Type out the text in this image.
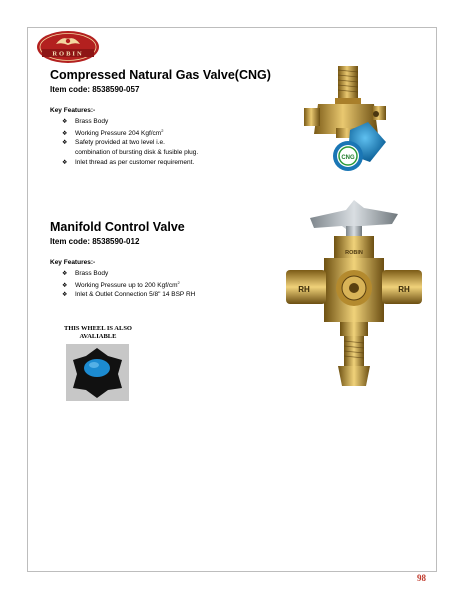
ROBIN
Compressed Natural Gas Valve(CNG)
Item code: 8538590-057
Key Features:-
❖ Brass Body
❖ Working Pressure 204 Kgf/$cm^2$
❖ Safety provided at two level i.e.
combination of bursting disk & fusible plug.
❖ Inlet thread as per customer requirement.
CNG
Manifold Control Valve
Item code: 8538590-012
Key Features:-
❖ Brass Body
❖ Working Pressure up to 200 Kgf/$cm^2$
❖ Inlet & Outlet Connection 5/8" 14 BSP RH
ROBIN
RH	RH
THIS WHEEL IS ALSO
AVALIABLE
98
